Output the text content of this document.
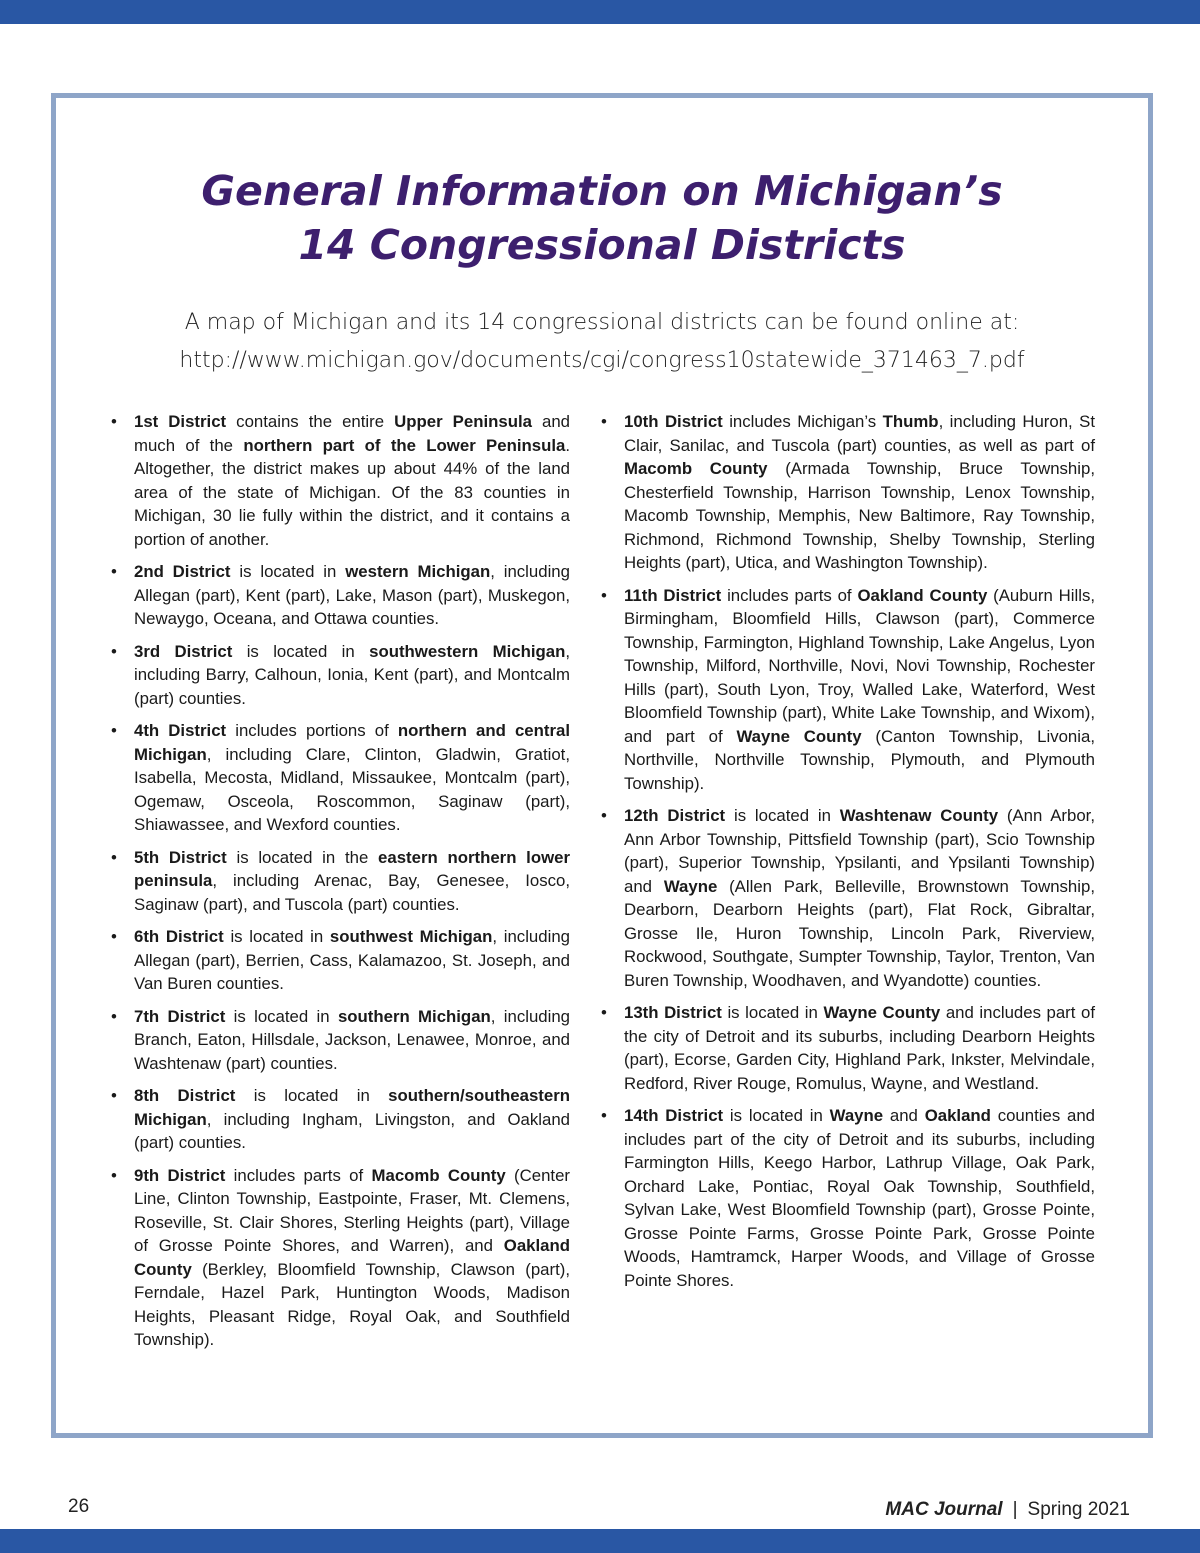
General Information on Michigan’s
14 Congressional Districts
A map of Michigan and its 14 congressional districts can be found online at:
http://www.michigan.gov/documents/cgi/congress10statewide_371463_7.pdf
• 1st District contains the entire Upper Peninsula and much of the northern part of the Lower Peninsula. Altogether, the district makes up about 44% of the land area of the state of Michigan. Of the 83 counties in Michigan, 30 lie fully within the district, and it contains a portion of another.
• 2nd District is located in western Michigan, including Allegan (part), Kent (part), Lake, Mason (part), Muskegon, Newaygo, Oceana, and Ottawa counties.
• 3rd District is located in southwestern Michigan, including Barry, Calhoun, Ionia, Kent (part), and Montcalm (part) counties.
• 4th District includes portions of northern and central Michigan, including Clare, Clinton, Gladwin, Gratiot, Isabella, Mecosta, Midland, Missaukee, Montcalm (part), Ogemaw, Osceola, Roscommon, Saginaw (part), Shiawassee, and Wexford counties.
• 5th District is located in the eastern northern lower peninsula, including Arenac, Bay, Genesee, Iosco, Saginaw (part), and Tuscola (part) counties.
• 6th District is located in southwest Michigan, including Allegan (part), Berrien, Cass, Kalamazoo, St. Joseph, and Van Buren counties.
• 7th District is located in southern Michigan, including Branch, Eaton, Hillsdale, Jackson, Lenawee, Monroe, and Washtenaw (part) counties.
• 8th District is located in southern/southeastern Michigan, including Ingham, Livingston, and Oakland (part) counties.
• 9th District includes parts of Macomb County (Center Line, Clinton Township, Eastpointe, Fraser, Mt. Clemens, Roseville, St. Clair Shores, Sterling Heights (part), Village of Grosse Pointe Shores, and Warren), and Oakland County (Berkley, Bloomfield Township, Clawson (part), Ferndale, Hazel Park, Huntington Woods, Madison Heights, Pleasant Ridge, Royal Oak, and Southfield Township).
• 10th District includes Michigan’s Thumb, including Huron, St Clair, Sanilac, and Tuscola (part) counties, as well as part of Macomb County (Armada Township, Bruce Township, Chesterfield Township, Harrison Township, Lenox Township, Macomb Township, Memphis, New Baltimore, Ray Township, Richmond, Richmond Township, Shelby Township, Sterling Heights (part), Utica, and Washington Township).
• 11th District includes parts of Oakland County (Auburn Hills, Birmingham, Bloomfield Hills, Clawson (part), Commerce Township, Farmington, Highland Township, Lake Angelus, Lyon Township, Milford, Northville, Novi, Novi Township, Rochester Hills (part), South Lyon, Troy, Walled Lake, Waterford, West Bloomfield Township (part), White Lake Township, and Wixom), and part of Wayne County (Canton Township, Livonia, Northville, Northville Township, Plymouth, and Plymouth Township).
• 12th District is located in Washtenaw County (Ann Arbor, Ann Arbor Township, Pittsfield Township (part), Scio Township (part), Superior Township, Ypsilanti, and Ypsilanti Township) and Wayne (Allen Park, Belleville, Brownstown Township, Dearborn, Dearborn Heights (part), Flat Rock, Gibraltar, Grosse Ile, Huron Township, Lincoln Park, Riverview, Rockwood, Southgate, Sumpter Township, Taylor, Trenton, Van Buren Township, Woodhaven, and Wyandotte) counties.
• 13th District is located in Wayne County and includes part of the city of Detroit and its suburbs, including Dearborn Heights (part), Ecorse, Garden City, Highland Park, Inkster, Melvindale, Redford, River Rouge, Romulus, Wayne, and Westland.
• 14th District is located in Wayne and Oakland counties and includes part of the city of Detroit and its suburbs, including Farmington Hills, Keego Harbor, Lathrup Village, Oak Park, Orchard Lake, Pontiac, Royal Oak Township, Southfield, Sylvan Lake, West Bloomfield Township (part), Grosse Pointe, Grosse Pointe Farms, Grosse Pointe Park, Grosse Pointe Woods, Hamtramck, Harper Woods, and Village of Grosse Pointe Shores.
26	MAC Journal | Spring 2021
